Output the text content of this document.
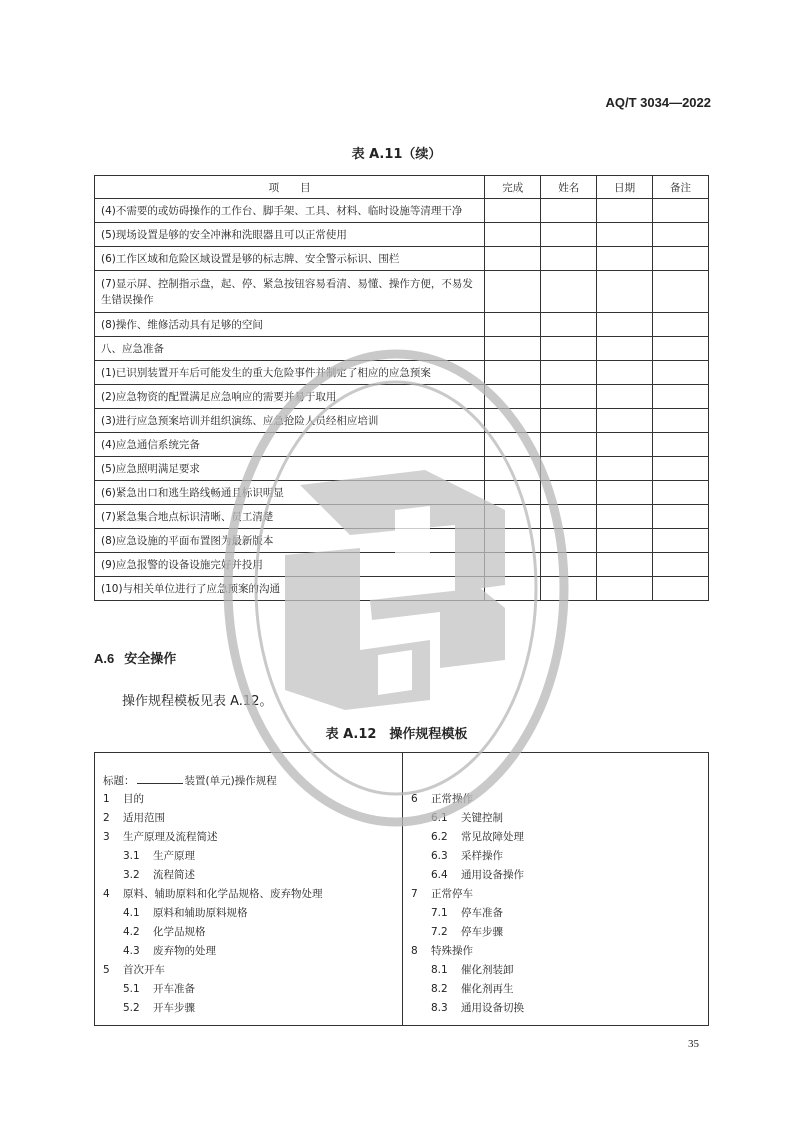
AQ/T 3034—2022
表 A.11（续）
项　　目	完成	姓名	日期	备注
(4)不需要的或妨碍操作的工作台、脚手架、工具、材料、临时设施等清理干净				
(5)现场设置是够的安全冲淋和洗眼器且可以正常使用				
(6)工作区域和危险区域设置是够的标志牌、安全警示标识、围栏				
(7)显示屏、控制指示盘，起、停、紧急按钮容易看清、易懂、操作方便，不易发生错误操作				
(8)操作、维修活动具有足够的空间				
八、应急准备				
(1)已识别装置开车后可能发生的重大危险事件并制定了相应的应急预案				
(2)应急物资的配置满足应急响应的需要并易于取用				
(3)进行应急预案培训并组织演练、应急抢险人员经相应培训				
(4)应急通信系统完备				
(5)应急照明满足要求				
(6)紧急出口和逃生路线畅通且标识明显				
(7)紧急集合地点标识清晰、员工清楚				
(8)应急设施的平面布置图为最新版本				
(9)应急报警的设备设施完好并投用				
(10)与相关单位进行了应急预案的沟通				
A.6 安全操作
操作规程模板见表 A.12。
表 A.12　操作规程模板
标题：	装置(单元)操作规程
1 目的
2 适用范围
3 生产原理及流程简述
3.1 生产原理
3.2 流程简述
4 原料、辅助原料和化学品规格、废弃物处理
4.1 原料和辅助原料规格
4.2 化学品规格
4.3 废弃物的处理
5 首次开车
5.1 开车准备
5.2 开车步骤
6 正常操作
6.1 关键控制
6.2 常见故障处理
6.3 采样操作
6.4 通用设备操作
7 正常停车
7.1 停车准备
7.2 停车步骤
8 特殊操作
8.1 催化剂装卸
8.2 催化剂再生
8.3 通用设备切换
35
